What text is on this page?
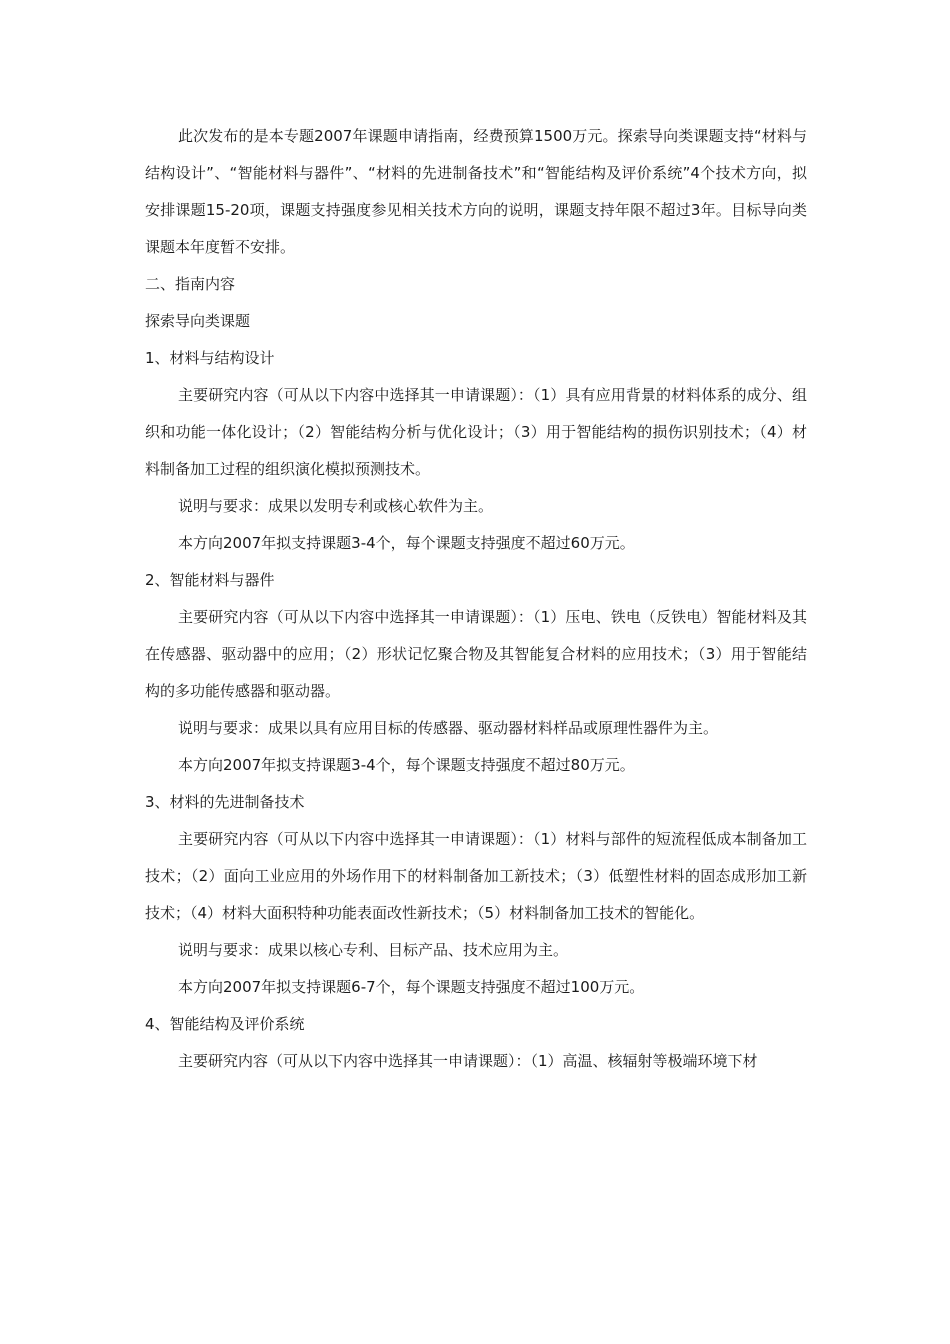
此次发布的是本专题2007年课题申请指南，经费预算1500万元。探索导向类课题支持“材料与结构设计”、“智能材料与器件”、“材料的先进制备技术”和“智能结构及评价系统”4个技术方向，拟安排课题15-20项，课题支持强度参见相关技术方向的说明，课题支持年限不超过3年。目标导向类课题本年度暂不安排。

二、指南内容

探索导向类课题

1、材料与结构设计

主要研究内容（可从以下内容中选择其一申请课题）：（1）具有应用背景的材料体系的成分、组织和功能一体化设计；（2）智能结构分析与优化设计；（3）用于智能结构的损伤识别技术；（4）材料制备加工过程的组织演化模拟预测技术。

说明与要求：成果以发明专利或核心软件为主。

本方向2007年拟支持课题3-4个，每个课题支持强度不超过60万元。

2、智能材料与器件

主要研究内容（可从以下内容中选择其一申请课题）：（1）压电、铁电（反铁电）智能材料及其在传感器、驱动器中的应用；（2）形状记忆聚合物及其智能复合材料的应用技术；（3）用于智能结构的多功能传感器和驱动器。

说明与要求：成果以具有应用目标的传感器、驱动器材料样品或原理性器件为主。

本方向2007年拟支持课题3-4个，每个课题支持强度不超过80万元。

3、材料的先进制备技术

主要研究内容（可从以下内容中选择其一申请课题）：（1）材料与部件的短流程低成本制备加工技术；（2）面向工业应用的外场作用下的材料制备加工新技术；（3）低塑性材料的固态成形加工新技术；（4）材料大面积特种功能表面改性新技术；（5）材料制备加工技术的智能化。

说明与要求：成果以核心专利、目标产品、技术应用为主。

本方向2007年拟支持课题6-7个，每个课题支持强度不超过100万元。

4、智能结构及评价系统

主要研究内容（可从以下内容中选择其一申请课题）：（1）高温、核辐射等极端环境下材
